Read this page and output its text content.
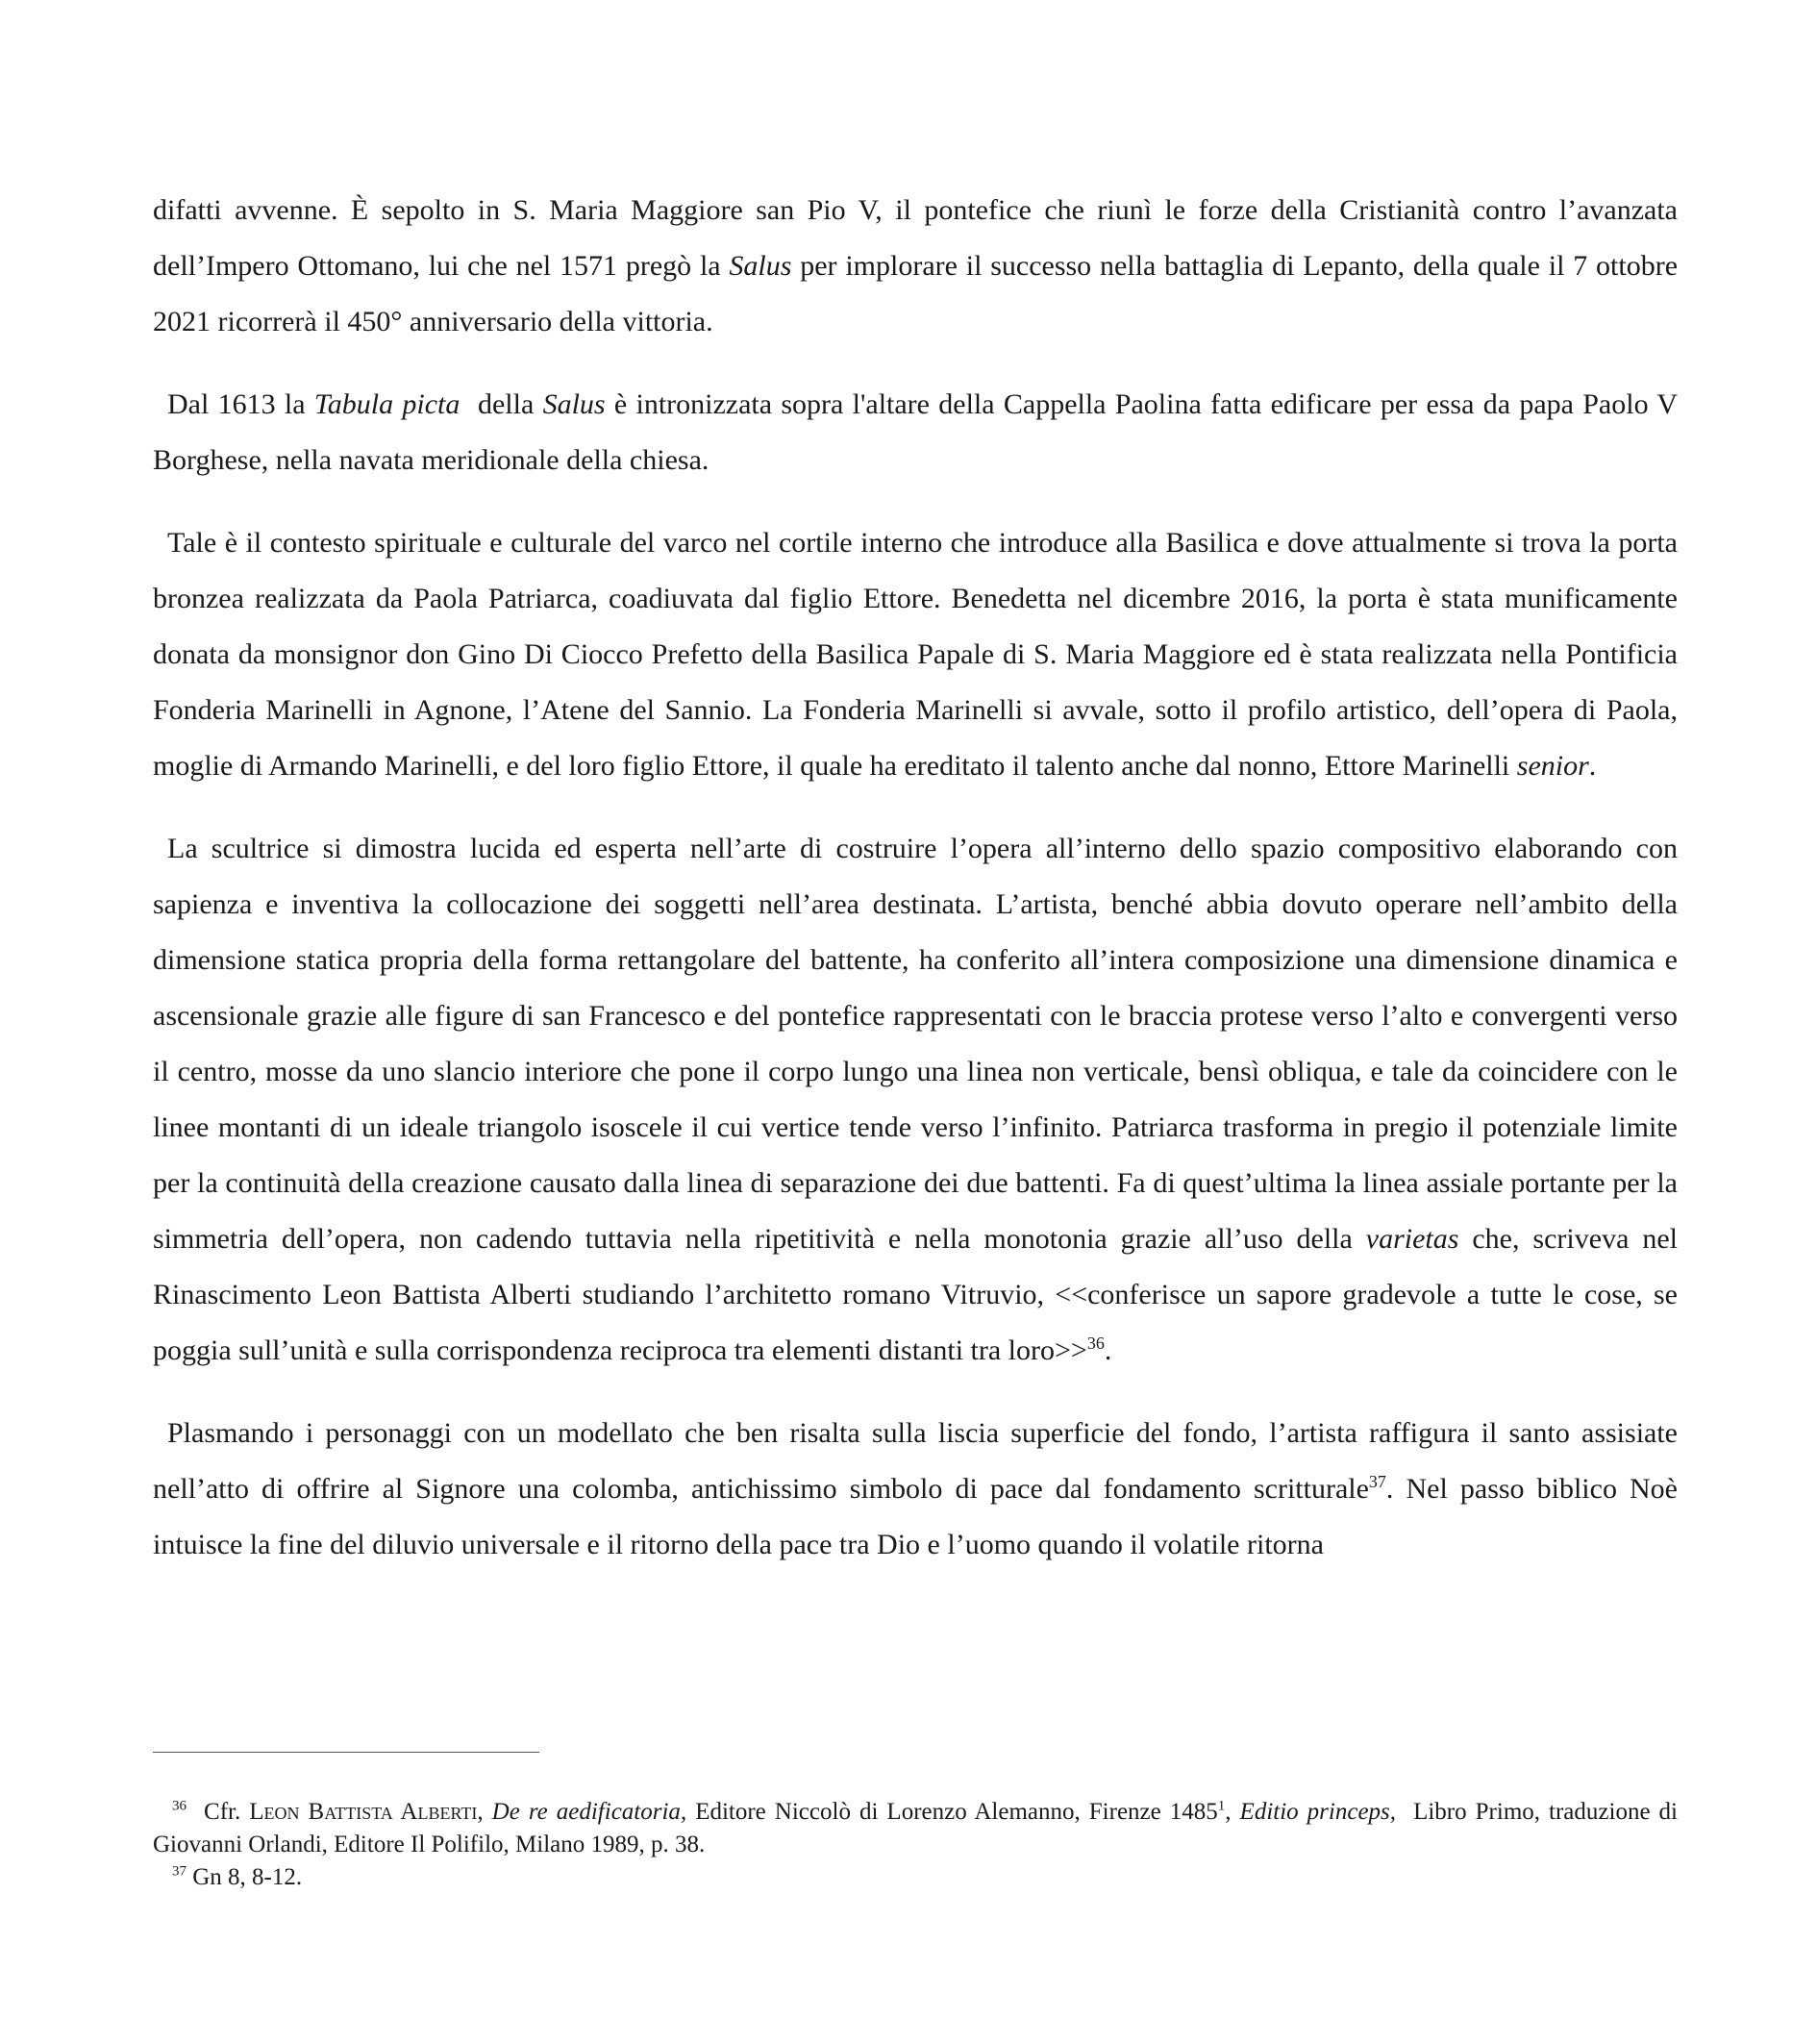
difatti avvenne. È sepolto in S. Maria Maggiore san Pio V, il pontefice che riunì le forze della Cristianità contro l’avanzata dell’Impero Ottomano, lui che nel 1571 pregò la Salus per implorare il successo nella battaglia di Lepanto, della quale il 7 ottobre 2021 ricorrerà il 450° anniversario della vittoria.

Dal 1613 la Tabula picta  della Salus è intronizzata sopra l'altare della Cappella Paolina fatta edificare per essa da papa Paolo V Borghese, nella navata meridionale della chiesa.

Tale è il contesto spirituale e culturale del varco nel cortile interno che introduce alla Basilica e dove attualmente si trova la porta bronzea realizzata da Paola Patriarca, coadiuvata dal figlio Ettore. Benedetta nel dicembre 2016, la porta è stata munificamente donata da monsignor don Gino Di Ciocco Prefetto della Basilica Papale di S. Maria Maggiore ed è stata realizzata nella Pontificia Fonderia Marinelli in Agnone, l’Atene del Sannio. La Fonderia Marinelli si avvale, sotto il profilo artistico, dell’opera di Paola, moglie di Armando Marinelli, e del loro figlio Ettore, il quale ha ereditato il talento anche dal nonno, Ettore Marinelli senior.

La scultrice si dimostra lucida ed esperta nell’arte di costruire l’opera all’interno dello spazio compositivo elaborando con sapienza e inventiva la collocazione dei soggetti nell’area destinata. L’artista, benché abbia dovuto operare nell’ambito della dimensione statica propria della forma rettangolare del battente, ha conferito all’intera composizione una dimensione dinamica e ascensionale grazie alle figure di san Francesco e del pontefice rappresentati con le braccia protese verso l’alto e convergenti verso il centro, mosse da uno slancio interiore che pone il corpo lungo una linea non verticale, bensì obliqua, e tale da coincidere con le linee montanti di un ideale triangolo isoscele il cui vertice tende verso l’infinito. Patriarca trasforma in pregio il potenziale limite per la continuità della creazione causato dalla linea di separazione dei due battenti. Fa di quest’ultima la linea assiale portante per la simmetria dell’opera, non cadendo tuttavia nella ripetitività e nella monotonia grazie all’uso della varietas che, scriveva nel Rinascimento Leon Battista Alberti studiando l’architetto romano Vitruvio, <<conferisce un sapore gradevole a tutte le cose, se poggia sull’unità e sulla corrispondenza reciproca tra elementi distanti tra loro>>$^{36}$.

Plasmando i personaggi con un modellato che ben risalta sulla liscia superficie del fondo, l’artista raffigura il santo assisiate nell’atto di offrire al Signore una colomba, antichissimo simbolo di pace dal fondamento scritturale$^{37}$. Nel passo biblico Noè intuisce la fine del diluvio universale e il ritorno della pace tra Dio e l’uomo quando il volatile ritorna

$^{36}$ Cfr. Leon Battista Alberti, De re aedificatoria, Editore Niccolò di Lorenzo Alemanno, Firenze 1485$^1$, Editio princeps,  Libro Primo, traduzione di Giovanni Orlandi, Editore Il Polifilo, Milano 1989, p. 38.

$^{37}$ Gn 8, 8-12.
